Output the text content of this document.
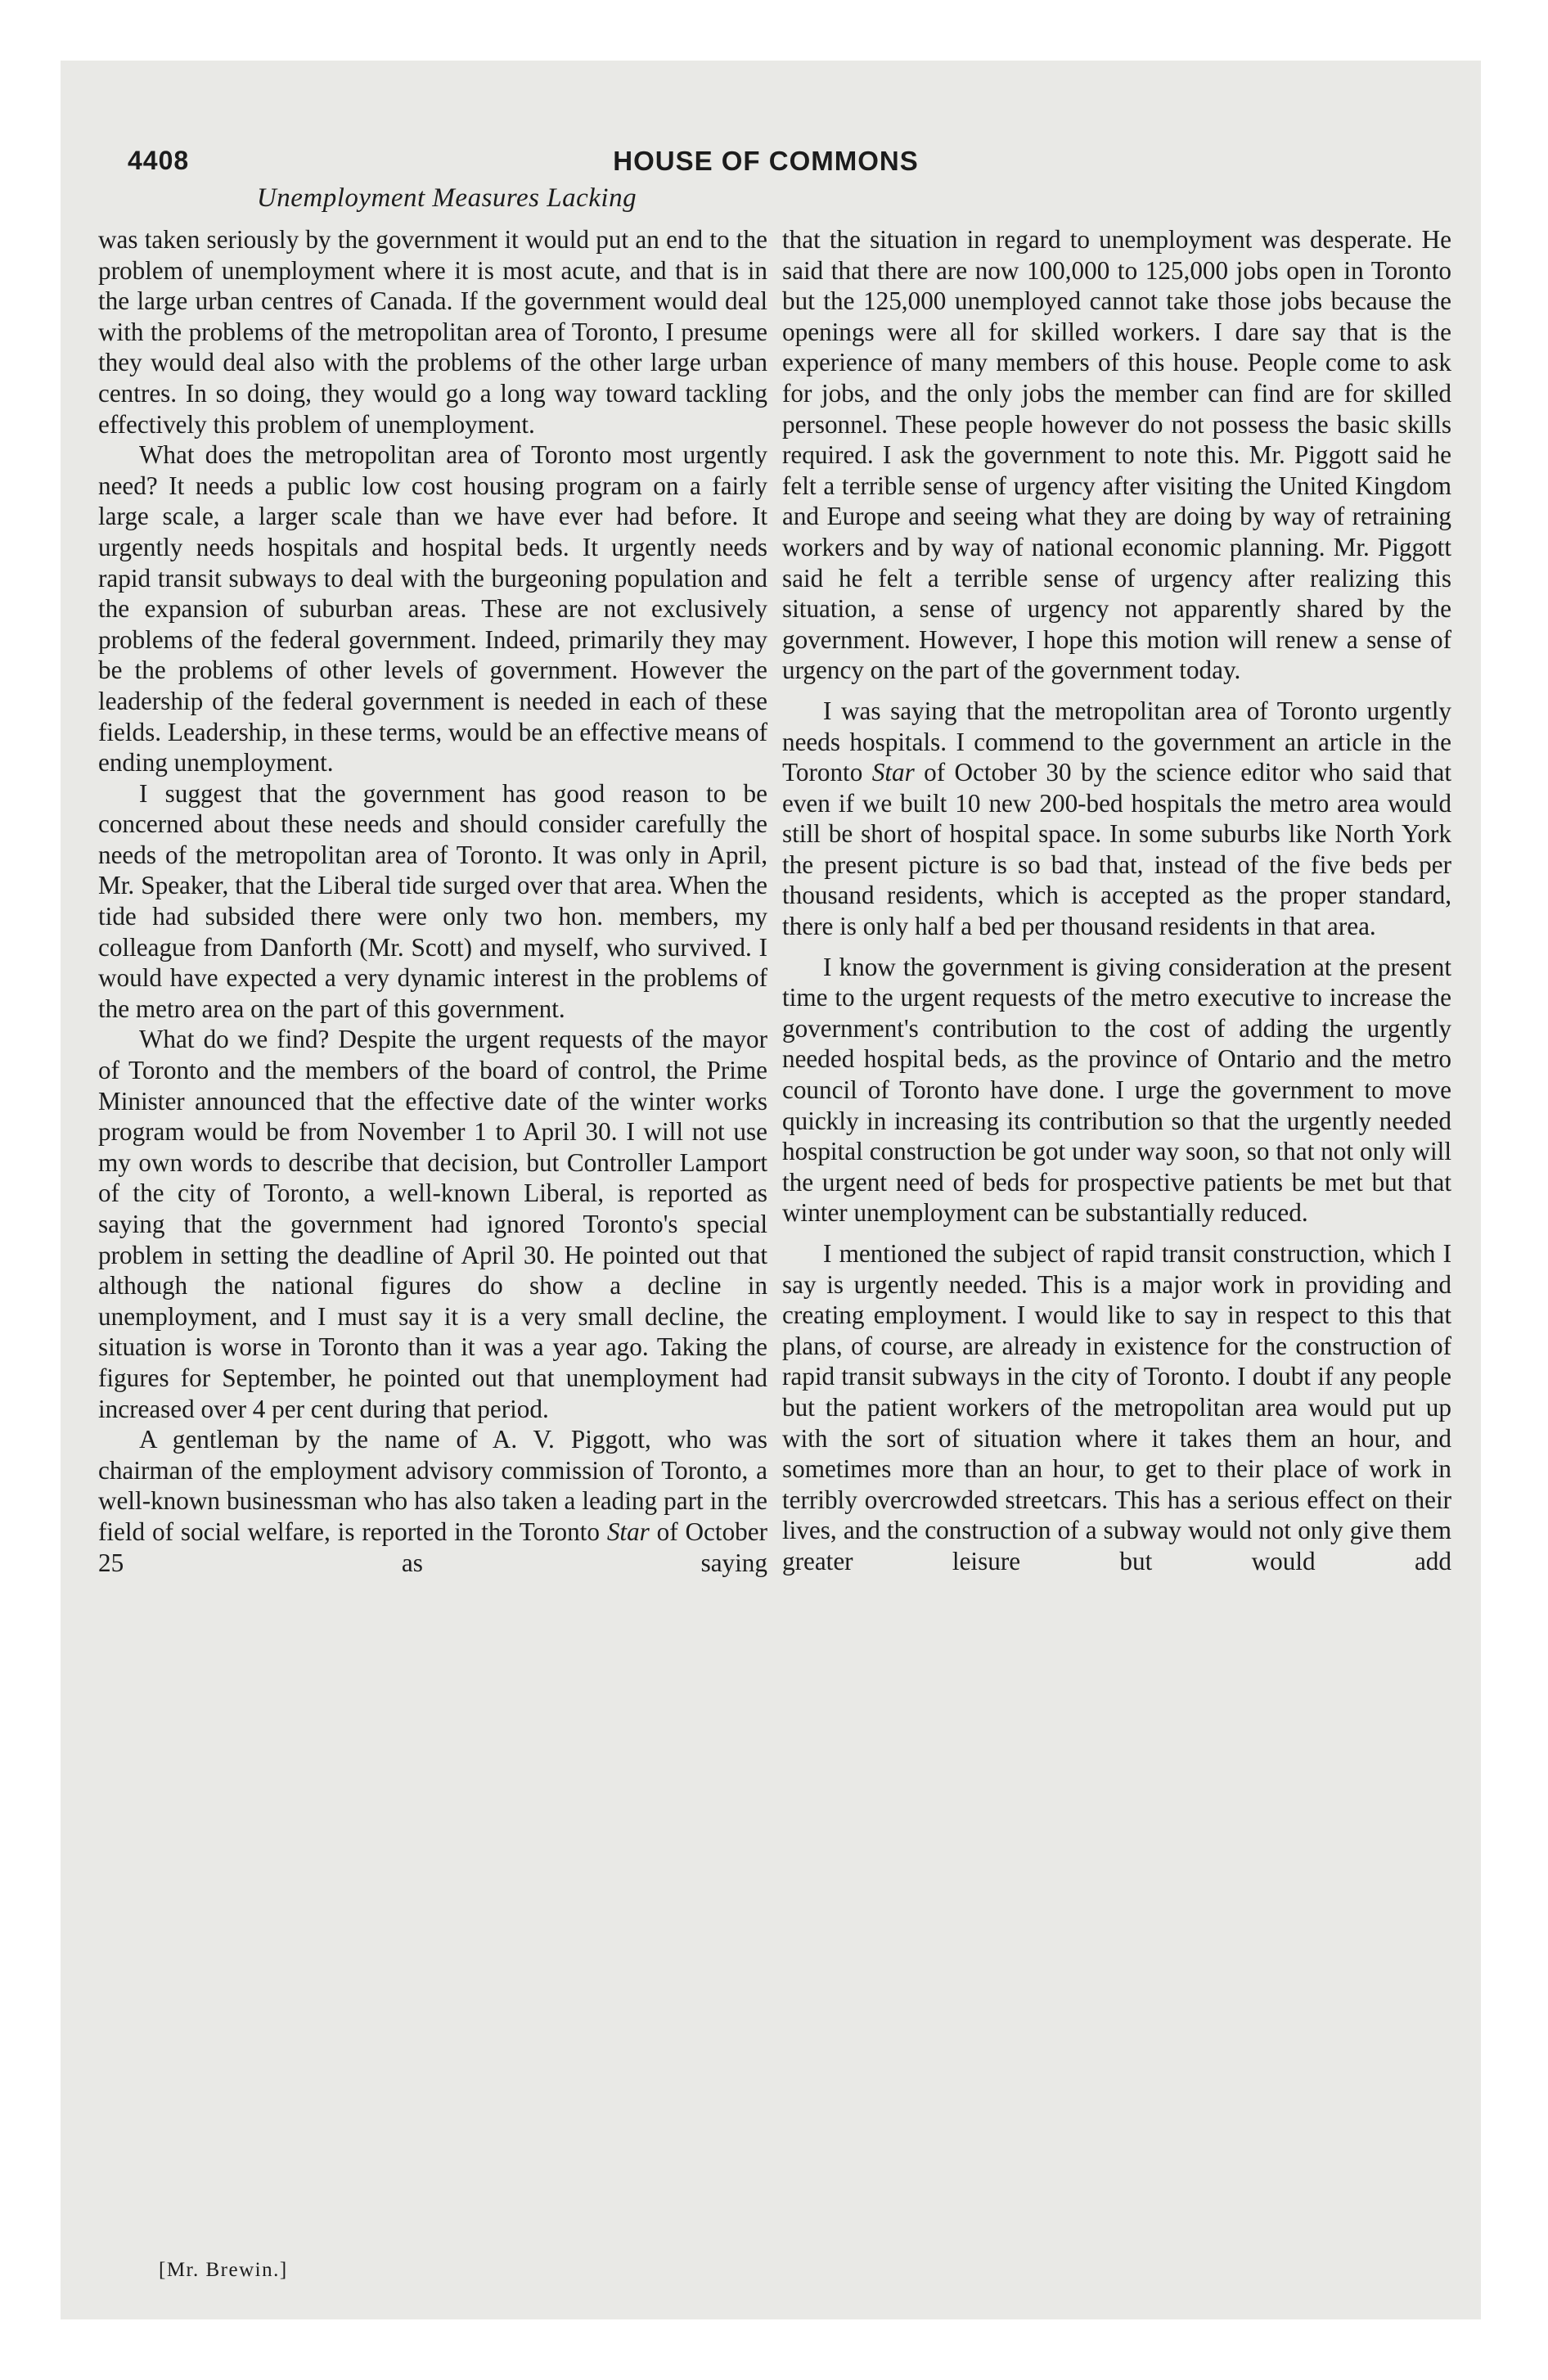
4408	HOUSE OF COMMONS
Unemployment Measures Lacking

was taken seriously by the government it would put an end to the problem of unemployment where it is most acute, and that is in the large urban centres of Canada. If the government would deal with the problems of the metropolitan area of Toronto, I presume they would deal also with the problems of the other large urban centres. In so doing, they would go a long way toward tackling effectively this problem of unemployment.

What does the metropolitan area of Toronto most urgently need? It needs a public low cost housing program on a fairly large scale, a larger scale than we have ever had before. It urgently needs hospitals and hospital beds. It urgently needs rapid transit subways to deal with the burgeoning population and the expansion of suburban areas. These are not exclusively problems of the federal government. Indeed, primarily they may be the problems of other levels of government. However the leadership of the federal government is needed in each of these fields. Leadership, in these terms, would be an effective means of ending unemployment.

I suggest that the government has good reason to be concerned about these needs and should consider carefully the needs of the metropolitan area of Toronto. It was only in April, Mr. Speaker, that the Liberal tide surged over that area. When the tide had subsided there were only two hon. members, my colleague from Danforth (Mr. Scott) and myself, who survived. I would have expected a very dynamic interest in the problems of the metro area on the part of this government.

What do we find? Despite the urgent requests of the mayor of Toronto and the members of the board of control, the Prime Minister announced that the effective date of the winter works program would be from November 1 to April 30. I will not use my own words to describe that decision, but Controller Lamport of the city of Toronto, a well-known Liberal, is reported as saying that the government had ignored Toronto's special problem in setting the deadline of April 30. He pointed out that although the national figures do show a decline in unemployment, and I must say it is a very small decline, the situation is worse in Toronto than it was a year ago. Taking the figures for September, he pointed out that unemployment had increased over 4 per cent during that period.

A gentleman by the name of A. V. Piggott, who was chairman of the employment advisory commission of Toronto, a well-known businessman who has also taken a leading part in the field of social welfare, is reported in the Toronto Star of October 25 as saying

that the situation in regard to unemployment was desperate. He said that there are now 100,000 to 125,000 jobs open in Toronto but the 125,000 unemployed cannot take those jobs because the openings were all for skilled workers. I dare say that is the experience of many members of this house. People come to ask for jobs, and the only jobs the member can find are for skilled personnel. These people however do not possess the basic skills required. I ask the government to note this. Mr. Piggott said he felt a terrible sense of urgency after visiting the United Kingdom and Europe and seeing what they are doing by way of retraining workers and by way of national economic planning. Mr. Piggott said he felt a terrible sense of urgency after realizing this situation, a sense of urgency not apparently shared by the government. However, I hope this motion will renew a sense of urgency on the part of the government today.

I was saying that the metropolitan area of Toronto urgently needs hospitals. I commend to the government an article in the Toronto Star of October 30 by the science editor who said that even if we built 10 new 200-bed hospitals the metro area would still be short of hospital space. In some suburbs like North York the present picture is so bad that, instead of the five beds per thousand residents, which is accepted as the proper standard, there is only half a bed per thousand residents in that area.

I know the government is giving consideration at the present time to the urgent requests of the metro executive to increase the government's contribution to the cost of adding the urgently needed hospital beds, as the province of Ontario and the metro council of Toronto have done. I urge the government to move quickly in increasing its contribution so that the urgently needed hospital construction be got under way soon, so that not only will the urgent need of beds for prospective patients be met but that winter unemployment can be substantially reduced.

I mentioned the subject of rapid transit construction, which I say is urgently needed. This is a major work in providing and creating employment. I would like to say in respect to this that plans, of course, are already in existence for the construction of rapid transit subways in the city of Toronto. I doubt if any people but the patient workers of the metropolitan area would put up with the sort of situation where it takes them an hour, and sometimes more than an hour, to get to their place of work in terribly overcrowded streetcars. This has a serious effect on their lives, and the construction of a subway would not only give them greater leisure but would add

[Mr. Brewin.]
